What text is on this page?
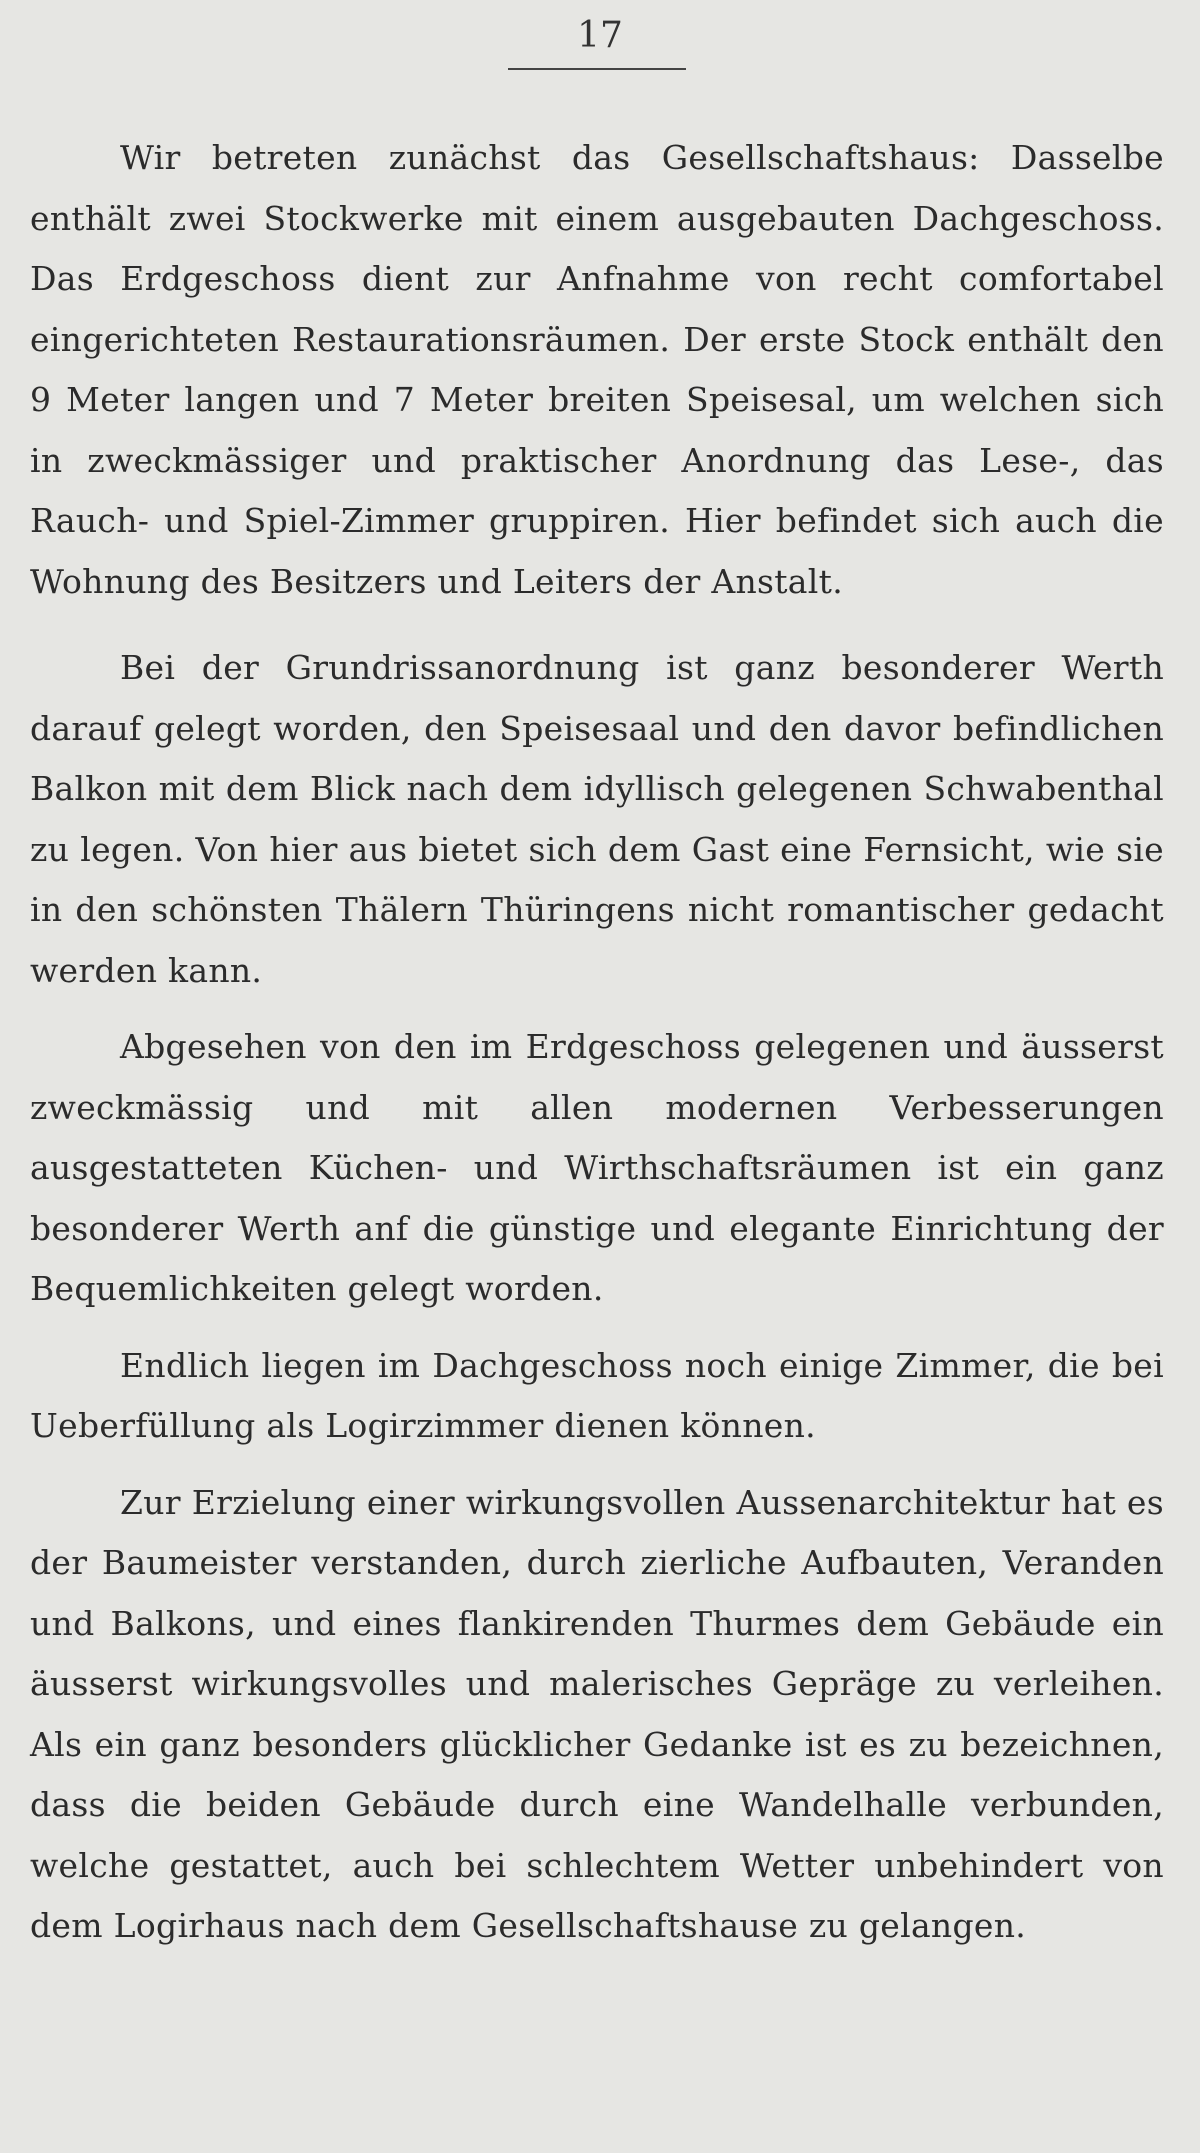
17

Wir betreten zunächst das Gesellschaftshaus: Dasselbe enthält zwei Stockwerke mit einem ausgebauten Dachgeschoss. Das Erdgeschoss dient zur Anfnahme von recht comfortabel eingerichteten Restaurationsräumen. Der erste Stock enthält den 9 Meter langen und 7 Meter breiten Speisesal, um welchen sich in zweckmässiger und praktischer Anordnung das Lese-, das Rauch- und Spiel-Zimmer gruppiren. Hier befindet sich auch die Wohnung des Besitzers und Leiters der Anstalt.

Bei der Grundrissanordnung ist ganz besonderer Werth darauf gelegt worden, den Speisesaal und den davor befindlichen Balkon mit dem Blick nach dem idyllisch gelegenen Schwabenthal zu legen. Von hier aus bietet sich dem Gast eine Fernsicht, wie sie in den schönsten Thälern Thüringens nicht romantischer gedacht werden kann.

Abgesehen von den im Erdgeschoss gelegenen und äusserst zweckmässig und mit allen modernen Verbesserungen ausgestatteten Küchen- und Wirthschaftsräumen ist ein ganz besonderer Werth anf die günstige und elegante Einrichtung der Bequemlichkeiten gelegt worden.

Endlich liegen im Dachgeschoss noch einige Zimmer, die bei Ueberfüllung als Logirzimmer dienen können.

Zur Erzielung einer wirkungsvollen Aussenarchitektur hat es der Baumeister verstanden, durch zierliche Aufbauten, Veranden und Balkons, und eines flankirenden Thurmes dem Gebäude ein äusserst wirkungsvolles und malerisches Gepräge zu verleihen. Als ein ganz besonders glücklicher Gedanke ist es zu bezeichnen, dass die beiden Gebäude durch eine Wandelhalle verbunden, welche gestattet, auch bei schlechtem Wetter unbehindert von dem Logirhaus nach dem Gesellschaftshause zu gelangen.
